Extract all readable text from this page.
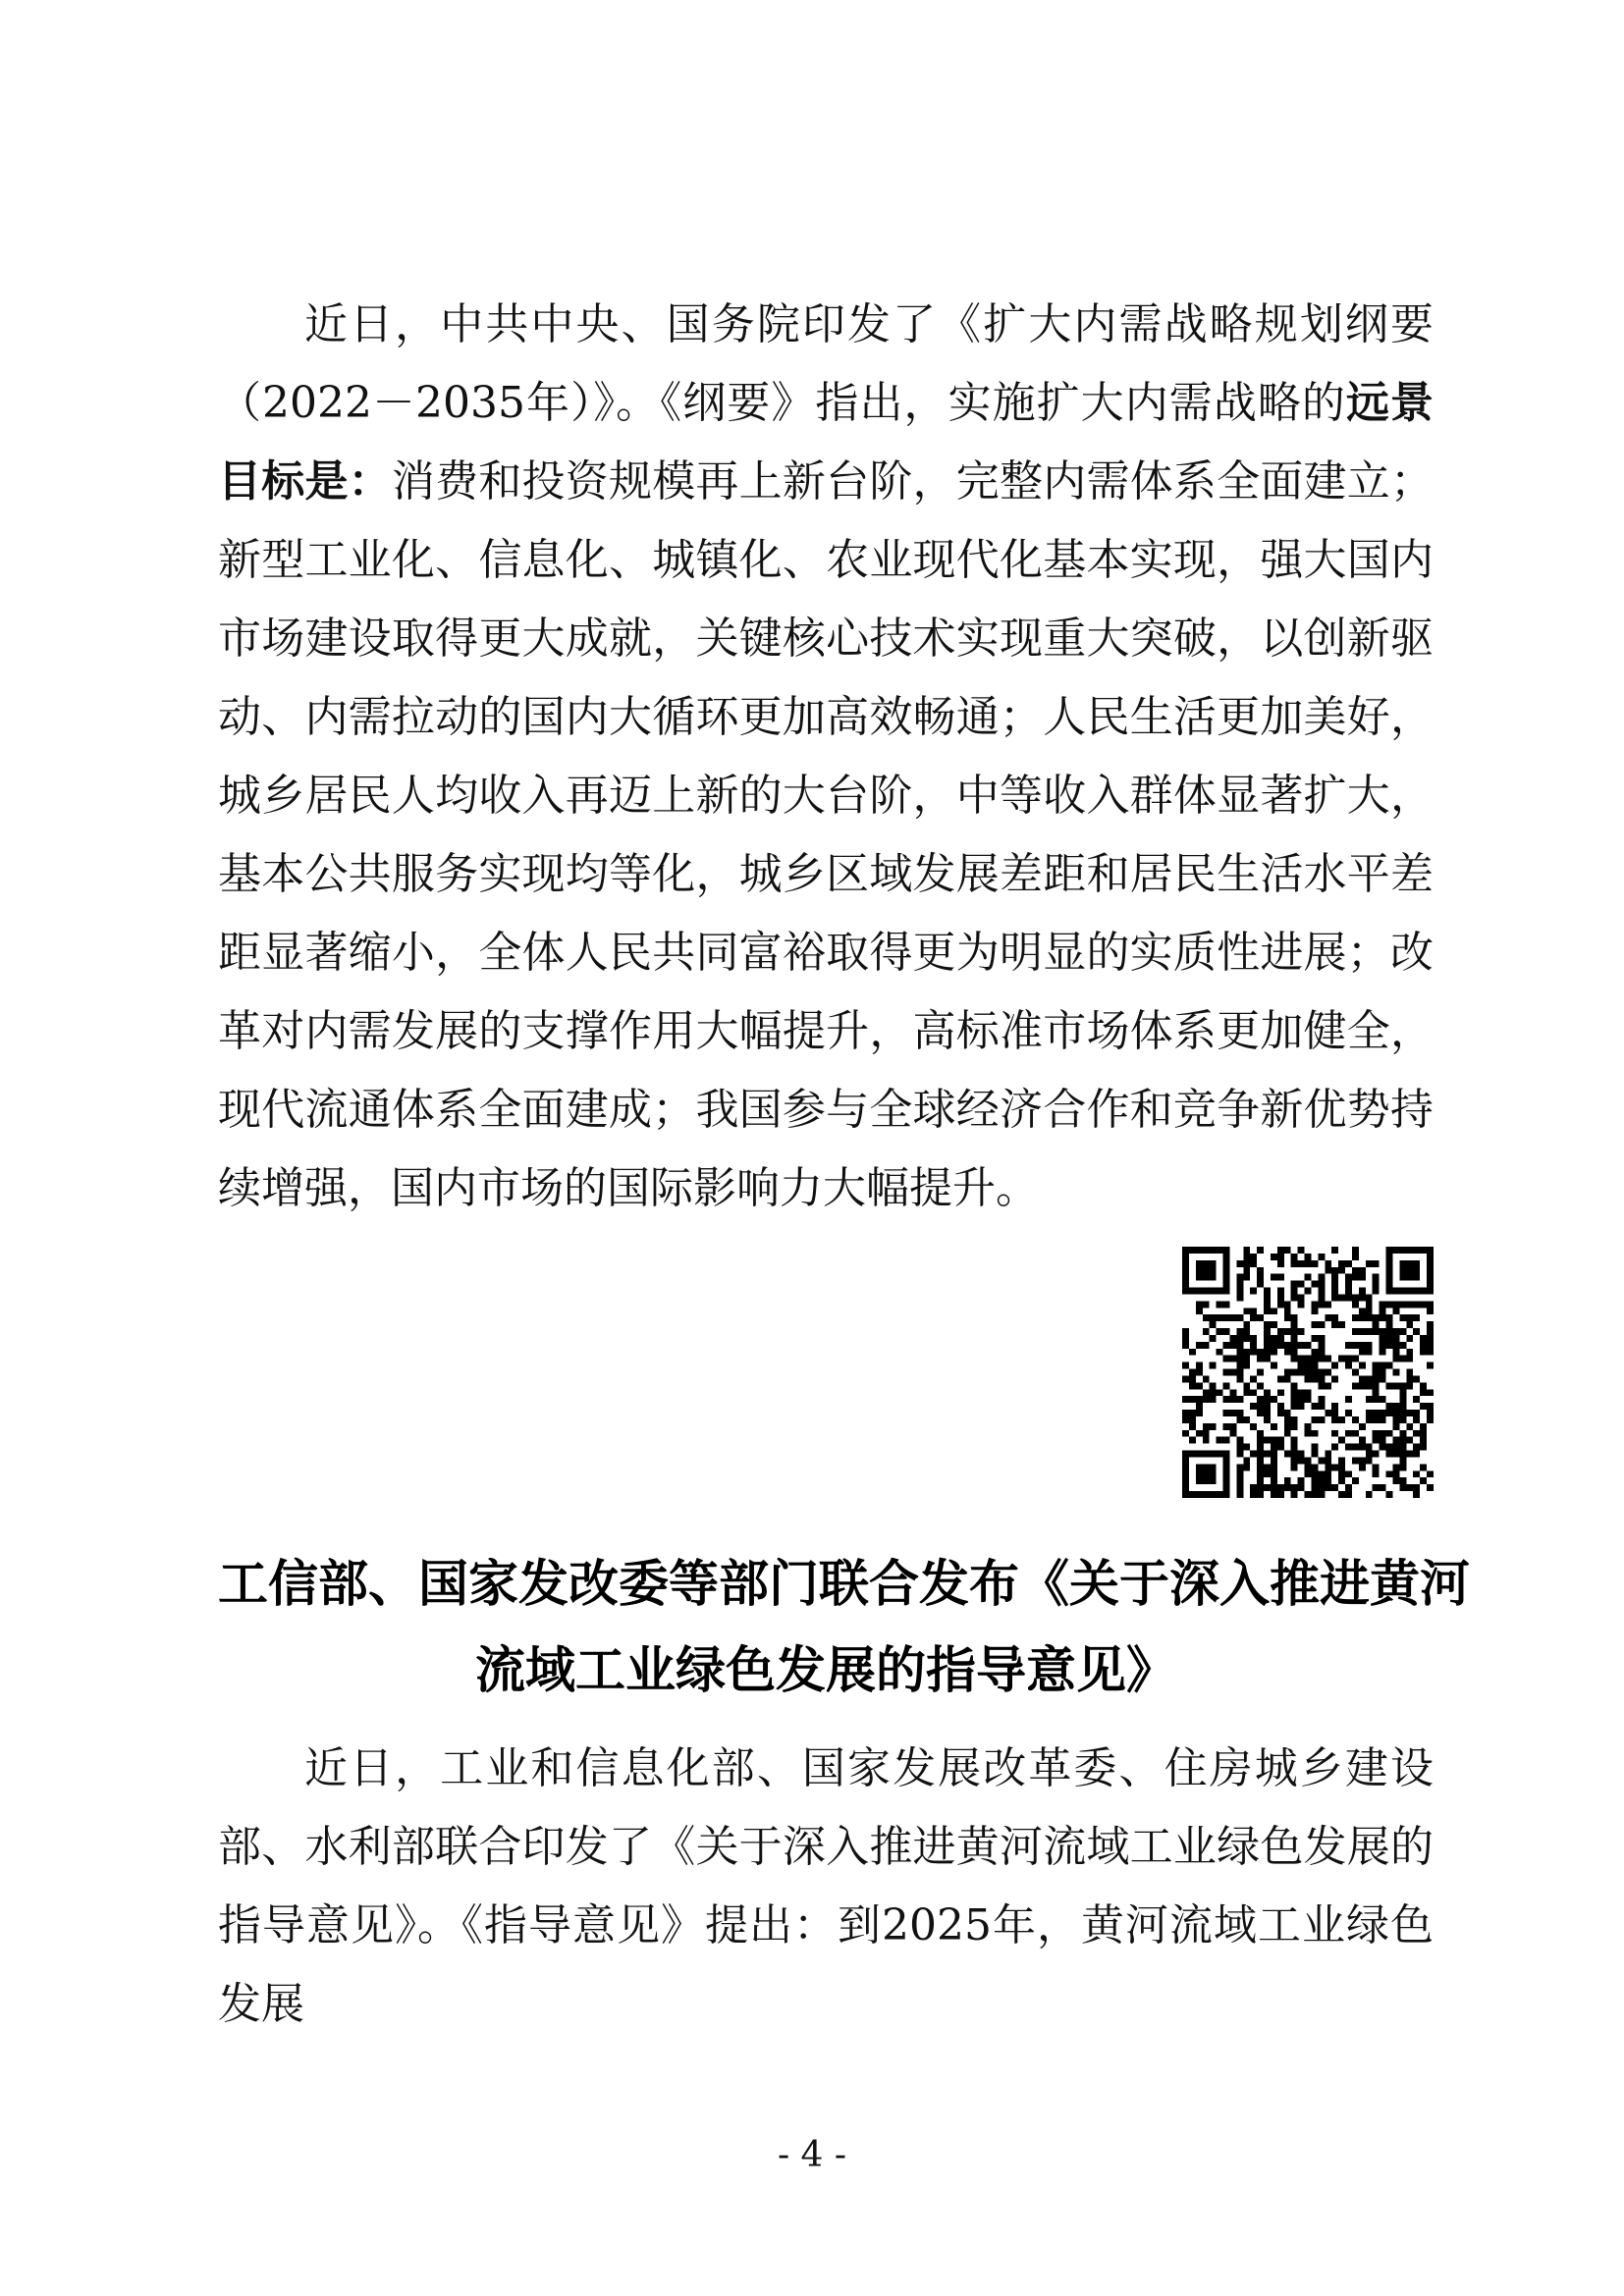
近日，中共中央、国务院印发了《扩大内需战略规划纲要（2022－2035年）》。《纲要》指出，实施扩大内需战略的远景目标是：消费和投资规模再上新台阶，完整内需体系全面建立；新型工业化、信息化、城镇化、农业现代化基本实现，强大国内市场建设取得更大成就，关键核心技术实现重大突破，以创新驱动、内需拉动的国内大循环更加高效畅通；人民生活更加美好，城乡居民人均收入再迈上新的大台阶，中等收入群体显著扩大，基本公共服务实现均等化，城乡区域发展差距和居民生活水平差距显著缩小，全体人民共同富裕取得更为明显的实质性进展；改革对内需发展的支撑作用大幅提升，高标准市场体系更加健全，现代流通体系全面建成；我国参与全球经济合作和竞争新优势持续增强，国内市场的国际影响力大幅提升。

工信部、国家发改委等部门联合发布《关于深入推进黄河
流域工业绿色发展的指导意见》

近日，工业和信息化部、国家发展改革委、住房城乡建设部、水利部联合印发了《关于深入推进黄河流域工业绿色发展的指导意见》。《指导意见》提出：到2025年，黄河流域工业绿色发展

- 4 -
